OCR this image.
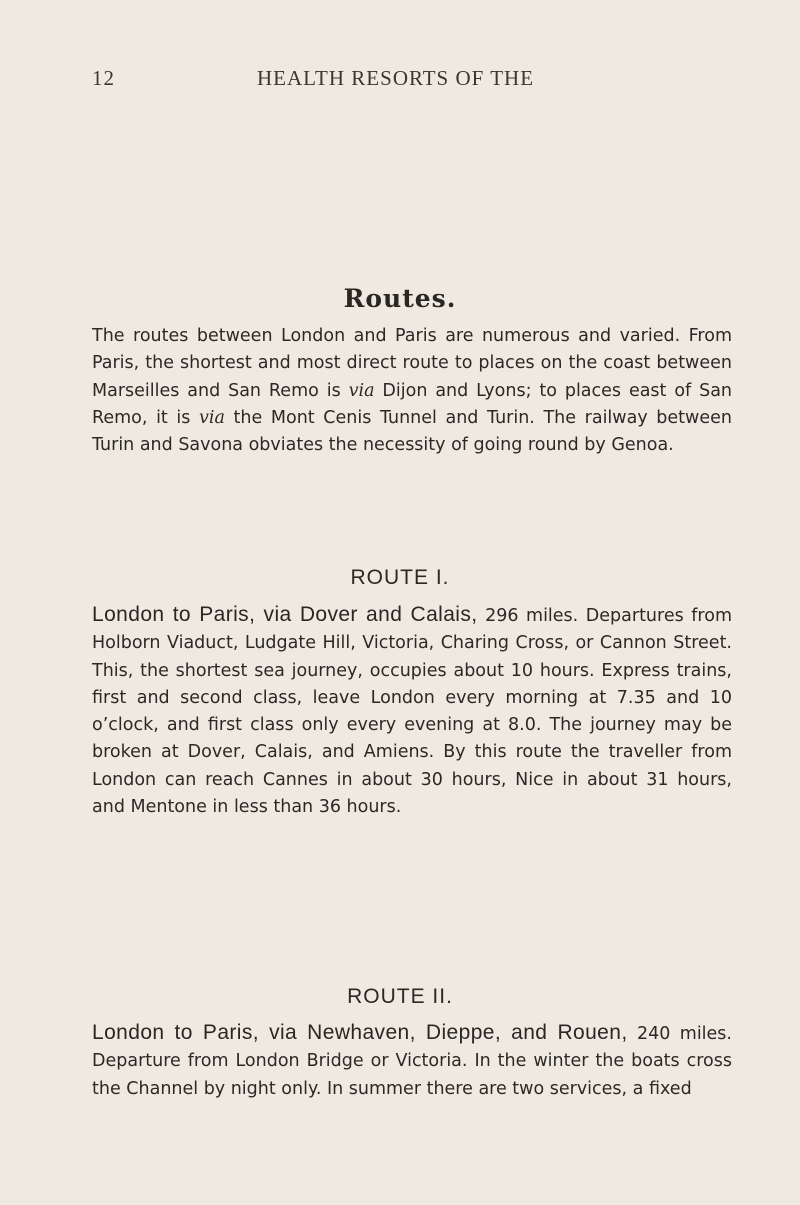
12	HEALTH RESORTS OF THE
Routes.

The routes between London and Paris are numerous and varied. From Paris, the shortest and most direct route to places on the coast between Marseilles and San Remo is via Dijon and Lyons; to places east of San Remo, it is via the Mont Cenis Tunnel and Turin. The railway between Turin and Savona obviates the necessity of going round by Genoa.

ROUTE I.

London to Paris, via Dover and Calais, 296 miles. Departures from Holborn Viaduct, Ludgate Hill, Victoria, Charing Cross, or Cannon Street. This, the shortest sea journey, occupies about 10 hours. Express trains, first and second class, leave London every morning at 7.35 and 10 o’clock, and first class only every evening at 8.0. The journey may be broken at Dover, Calais, and Amiens. By this route the traveller from London can reach Cannes in about 30 hours, Nice in about 31 hours, and Mentone in less than 36 hours.

ROUTE II.

London to Paris, via Newhaven, Dieppe, and Rouen, 240 miles. Departure from London Bridge or Victoria. In the winter the boats cross the Channel by night only. In summer there are two services, a fixed
